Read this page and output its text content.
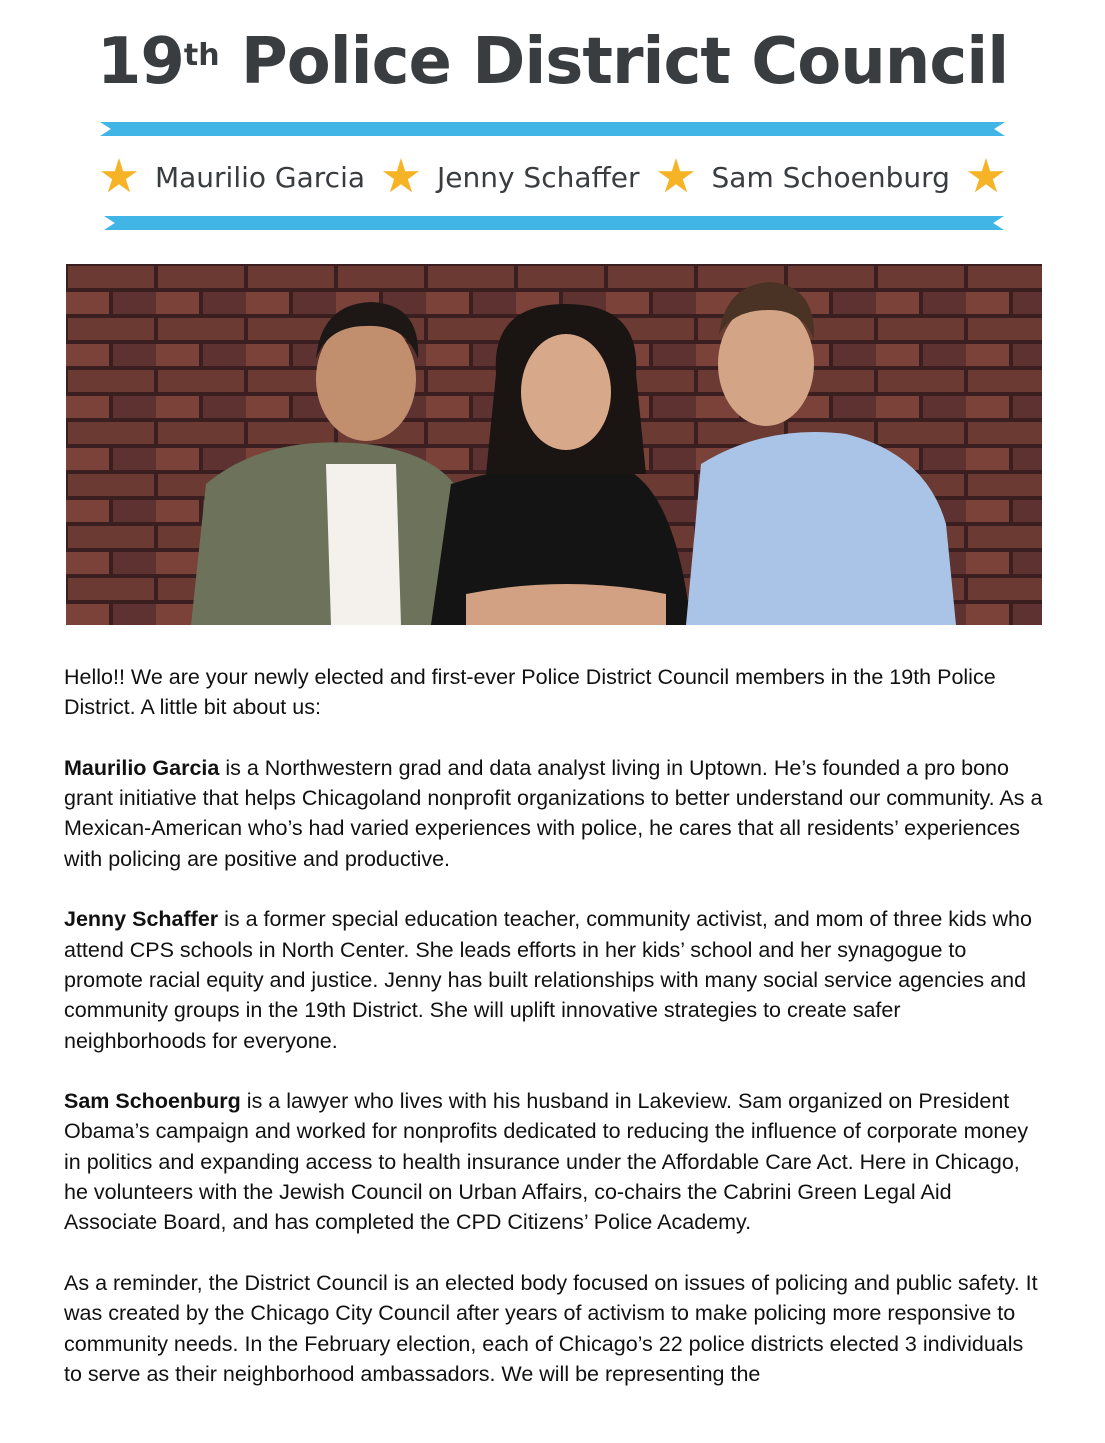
19th Police District Council
Maurilio Garcia	Jenny Schaffer	Sam Schoenburg

Hello!! We are your newly elected and first-ever Police District Council members in the 19th Police District. A little bit about us:

Maurilio Garcia is a Northwestern grad and data analyst living in Uptown. He’s founded a pro bono grant initiative that helps Chicagoland nonprofit organizations to better understand our community. As a Mexican-American who’s had varied experiences with police, he cares that all residents’ experiences with policing are positive and productive.

Jenny Schaffer is a former special education teacher, community activist, and mom of three kids who attend CPS schools in North Center. She leads efforts in her kids’ school and her synagogue to promote racial equity and justice. Jenny has built relationships with many social service agencies and community groups in the 19th District. She will uplift innovative strategies to create safer neighborhoods for everyone.

Sam Schoenburg is a lawyer who lives with his husband in Lakeview. Sam organized on President Obama’s campaign and worked for nonprofits dedicated to reducing the influence of corporate money in politics and expanding access to health insurance under the Affordable Care Act. Here in Chicago, he volunteers with the Jewish Council on Urban Affairs, co-chairs the Cabrini Green Legal Aid Associate Board, and has completed the CPD Citizens’ Police Academy.

As a reminder, the District Council is an elected body focused on issues of policing and public safety. It was created by the Chicago City Council after years of activism to make policing more responsive to community needs. In the February election, each of Chicago’s 22 police districts elected 3 individuals to serve as their neighborhood ambassadors. We will be representing the
